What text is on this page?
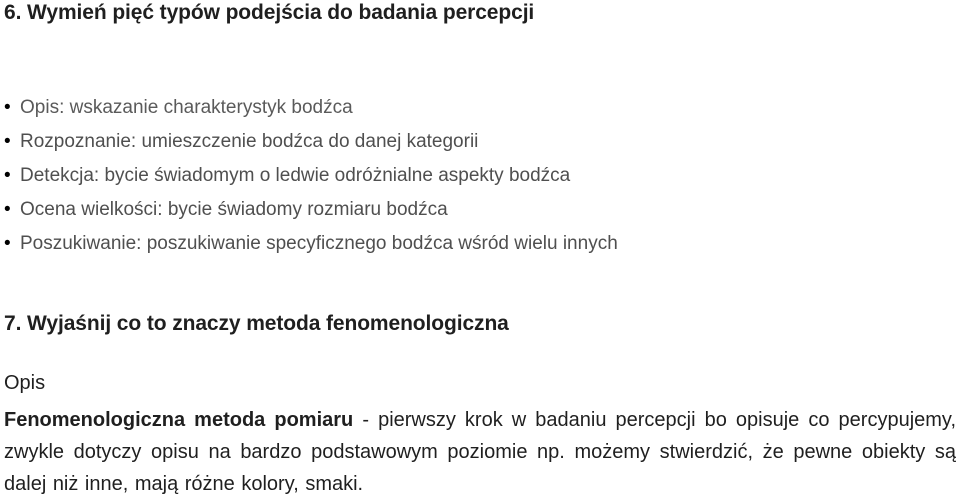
6. Wymień pięć typów podejścia do badania percepcji
• Opis: wskazanie charakterystyk bodźca
• Rozpoznanie: umieszczenie bodźca do danej kategorii
• Detekcja: bycie świadomym o ledwie odróżnialne aspekty bodźca
• Ocena wielkości: bycie świadomy rozmiaru bodźca
• Poszukiwanie: poszukiwanie specyficznego bodźca wśród wielu innych
7. Wyjaśnij co to znaczy metoda fenomenologiczna
Opis
Fenomenologiczna metoda pomiaru - pierwszy krok w badaniu percepcji bo opisuje co percypujemy, zwykle dotyczy opisu na bardzo podstawowym poziomie np. możemy stwierdzić, że pewne obiekty są dalej niż inne, mają różne kolory, smaki.
